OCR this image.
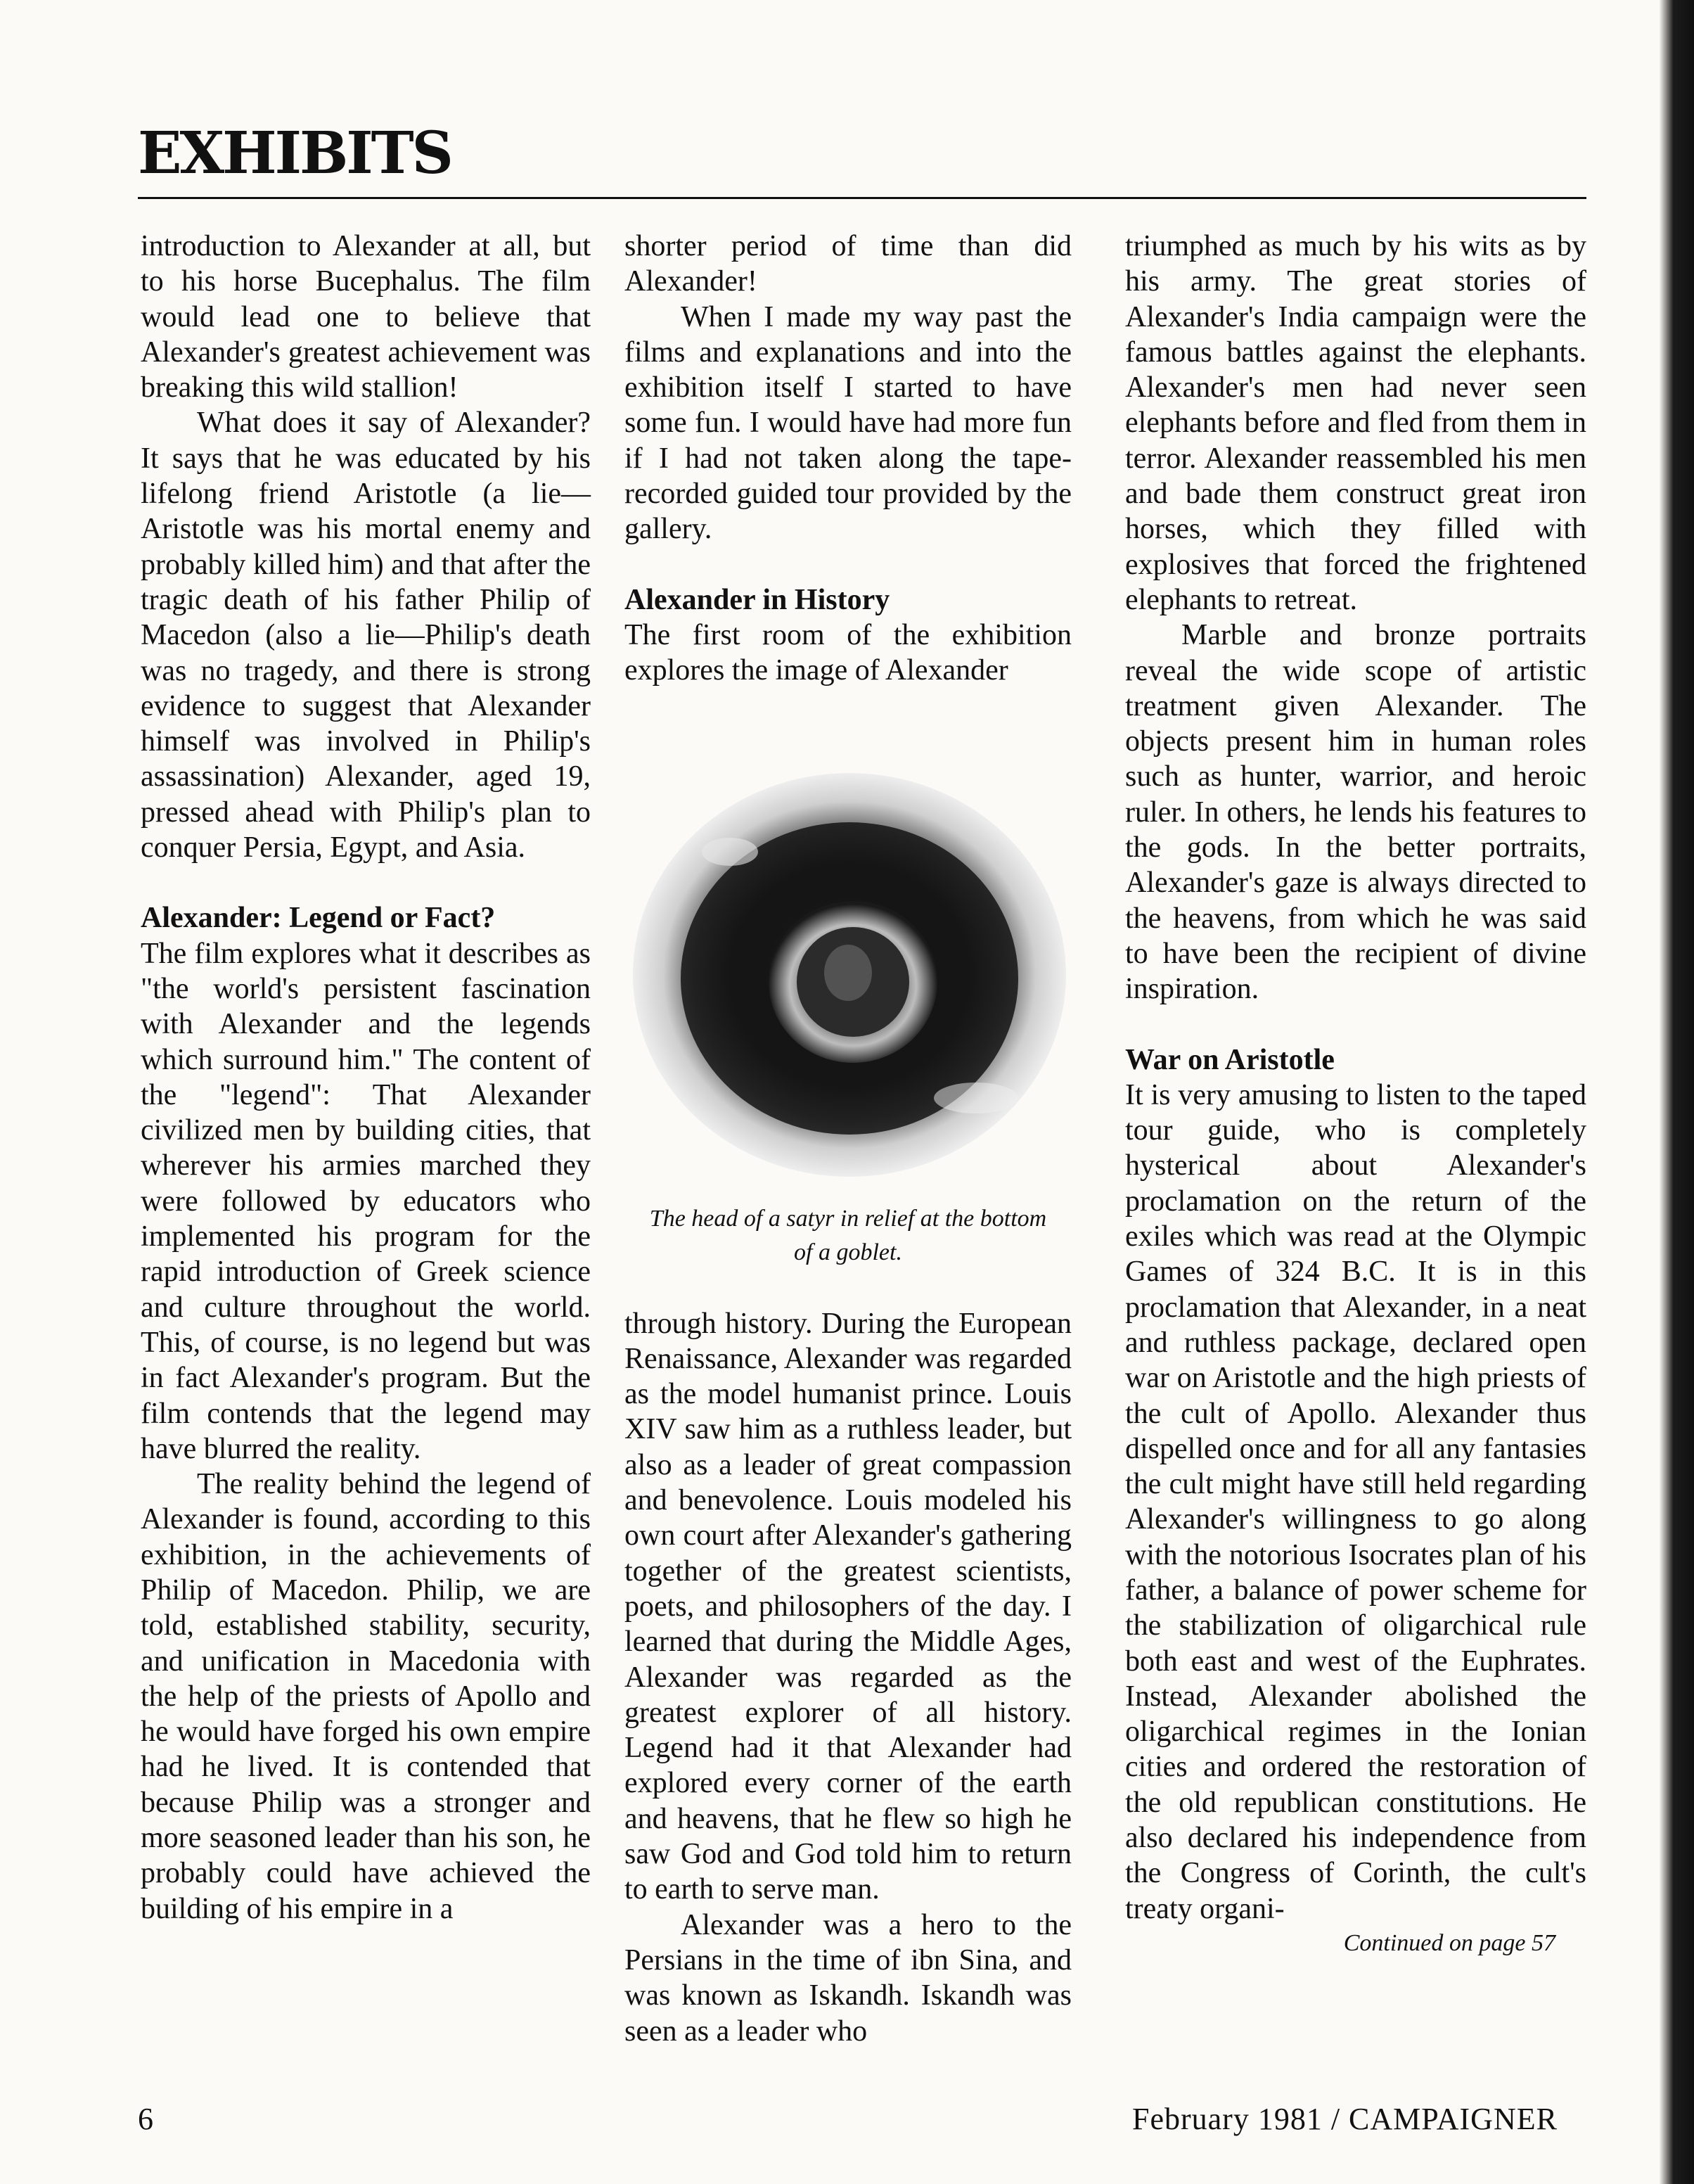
EXHIBITS

introduction to Alexander at all, but to his horse Bucephalus. The film would lead one to believe that Alexander's greatest achievement was breaking this wild stallion!

What does it say of Alexander? It says that he was educated by his lifelong friend Aristotle (a lie—Aristotle was his mortal enemy and probably killed him) and that after the tragic death of his father Philip of Macedon (also a lie—Philip's death was no tragedy, and there is strong evidence to suggest that Alexander himself was involved in Philip's assassination) Alexander, aged 19, pressed ahead with Philip's plan to conquer Persia, Egypt, and Asia.

Alexander: Legend or Fact?

The film explores what it describes as "the world's persistent fascination with Alexander and the legends which surround him." The content of the "legend": That Alexander civilized men by building cities, that wherever his armies marched they were followed by educators who implemented his program for the rapid introduction of Greek science and culture throughout the world. This, of course, is no legend but was in fact Alexander's program. But the film contends that the legend may have blurred the reality.

The reality behind the legend of Alexander is found, according to this exhibition, in the achievements of Philip of Macedon. Philip, we are told, established stability, security, and unification in Macedonia with the help of the priests of Apollo and he would have forged his own empire had he lived. It is contended that because Philip was a stronger and more seasoned leader than his son, he probably could have achieved the building of his empire in a

shorter period of time than did Alexander!

When I made my way past the films and explanations and into the exhibition itself I started to have some fun. I would have had more fun if I had not taken along the tape-recorded guided tour provided by the gallery.

Alexander in History

The first room of the exhibition explores the image of Alexander

The head of a satyr in relief at the bottom of a goblet.

through history. During the European Renaissance, Alexander was regarded as the model humanist prince. Louis XIV saw him as a ruthless leader, but also as a leader of great compassion and benevolence. Louis modeled his own court after Alexander's gathering together of the greatest scientists, poets, and philosophers of the day. I learned that during the Middle Ages, Alexander was regarded as the greatest explorer of all history. Legend had it that Alexander had explored every corner of the earth and heavens, that he flew so high he saw God and God told him to return to earth to serve man.

Alexander was a hero to the Persians in the time of ibn Sina, and was known as Iskandh. Iskandh was seen as a leader who

triumphed as much by his wits as by his army. The great stories of Alexander's India campaign were the famous battles against the elephants. Alexander's men had never seen elephants before and fled from them in terror. Alexander reassembled his men and bade them construct great iron horses, which they filled with explosives that forced the frightened elephants to retreat.

Marble and bronze portraits reveal the wide scope of artistic treatment given Alexander. The objects present him in human roles such as hunter, warrior, and heroic ruler. In others, he lends his features to the gods. In the better portraits, Alexander's gaze is always directed to the heavens, from which he was said to have been the recipient of divine inspiration.

War on Aristotle

It is very amusing to listen to the taped tour guide, who is completely hysterical about Alexander's proclamation on the return of the exiles which was read at the Olympic Games of 324 B.C. It is in this proclamation that Alexander, in a neat and ruthless package, declared open war on Aristotle and the high priests of the cult of Apollo. Alexander thus dispelled once and for all any fantasies the cult might have still held regarding Alexander's willingness to go along with the notorious Isocrates plan of his father, a balance of power scheme for the stabilization of oligarchical rule both east and west of the Euphrates. Instead, Alexander abolished the oligarchical regimes in the Ionian cities and ordered the restoration of the old republican constitutions. He also declared his independence from the Congress of Corinth, the cult's treaty organi-

Continued on page 57
6	February 1981 / CAMPAIGNER
